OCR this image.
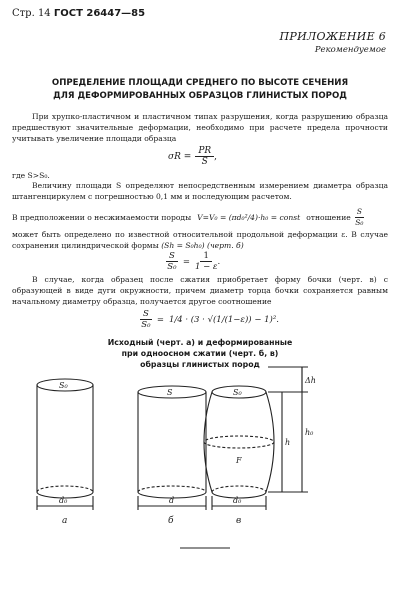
Стр. 14 ГОСТ 26447—85
ПРИЛОЖЕНИЕ 6
Рекомендуемое
ОПРЕДЕЛЕНИЕ ПЛОЩАДИ СРЕДНЕГО ПО ВЫСОТЕ СЕЧЕНИЯ
ДЛЯ ДЕФОРМИРОВАННЫХ ОБРАЗЦОВ ГЛИНИСТЫХ ПОРОД
При хрупко-пластичном и пластичном типах разрушения, когда разрушению образца предшествуют значительные деформации, необходимо при расчете предела прочности учитывать увеличение площади образца
$\sigma R = \frac{PR}{S}$ ,
где S>S₀.
Величину площади S определяют непосредственным измерением диаметра образца штангенциркулем с погрешностью 0,1 мм и последующим расчетом.
В предположении о несжимаемости породы V=V₀ = (πd₀²/4)·h₀ = const отношение $\frac{S}{\text{S₀}}$
может быть определено по известной относительной продольной деформации ε. В случае сохранения цилиндрической формы (Sh = S₀h₀) (черт. б)
$\frac{S}{\text{S₀}} = \frac{1}{1 - \varepsilon}$ .
В случае, когда образец после сжатия приобретает форму бочки (черт. в) с образующей в виде дуги окружности, причем диаметр торца бочки сохраняется равным начальному диаметру образца, получается другое соотношение
$\frac{S}{\text{S₀}} = 1/4 \cdot (3 \cdot √(1/(1-\varepsilon)) - 1)^2$.
Исходный (черт. а) и деформированные
при одноосном сжатии (черт. б, в)
образцы глинистых пород
S₀
S	S₀
F
d₀	d	d₀
Δh
h
h₀
а	б	в
